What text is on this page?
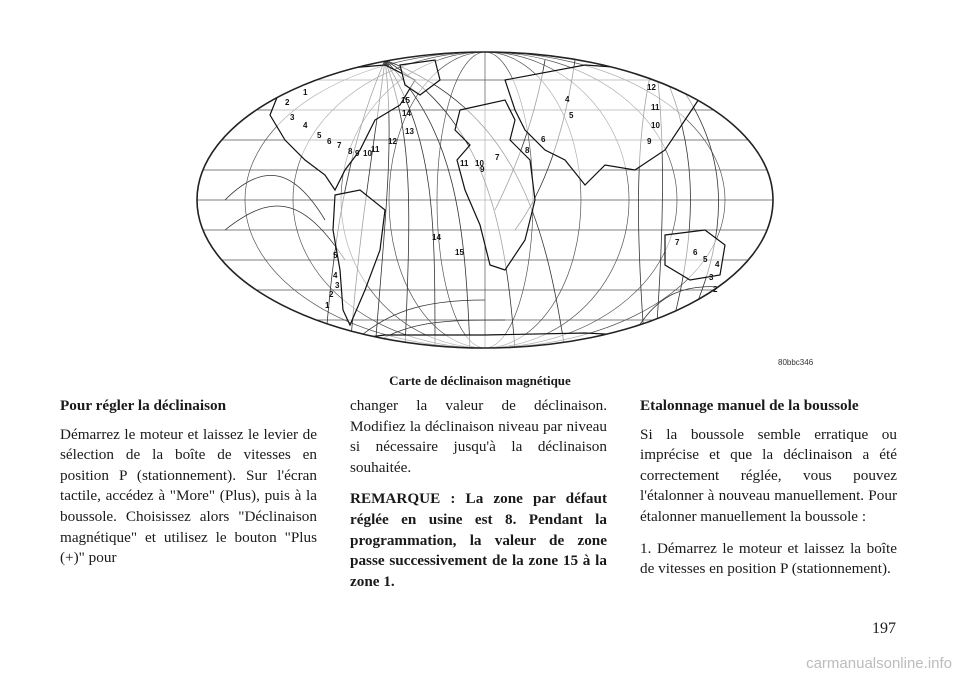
1
2
3
4
5
6 7
8 9 10 11
12
13
14
15
11 10
9
8
7
6
5
4
12
11
10
9
14
15
5
4
3
2
1
7
6
5
4
3
2
80bbc346
Carte de déclinaison magnétique

Pour régler la déclinaison

Démarrez le moteur et laissez le levier de sélection de la boîte de vitesses en position P (stationnement). Sur l'écran tactile, accédez à "More" (Plus), puis à la boussole. Choisissez alors "Déclinaison magnétique" et utilisez le bouton "Plus (+)" pour

changer la valeur de déclinaison. Modifiez la déclinaison niveau par niveau si nécessaire jusqu'à la déclinaison souhaitée.

REMARQUE : La zone par défaut réglée en usine est 8. Pendant la programmation, la valeur de zone passe successivement de la zone 15 à la zone 1.

Etalonnage manuel de la boussole

Si la boussole semble erratique ou imprécise et que la déclinaison a été correctement réglée, vous pouvez l'étalonner à nouveau manuellement. Pour étalonner manuellement la boussole :

1. Démarrez le moteur et laissez la boîte de vitesses en position P (stationnement).

197
carmanualsonline.info
